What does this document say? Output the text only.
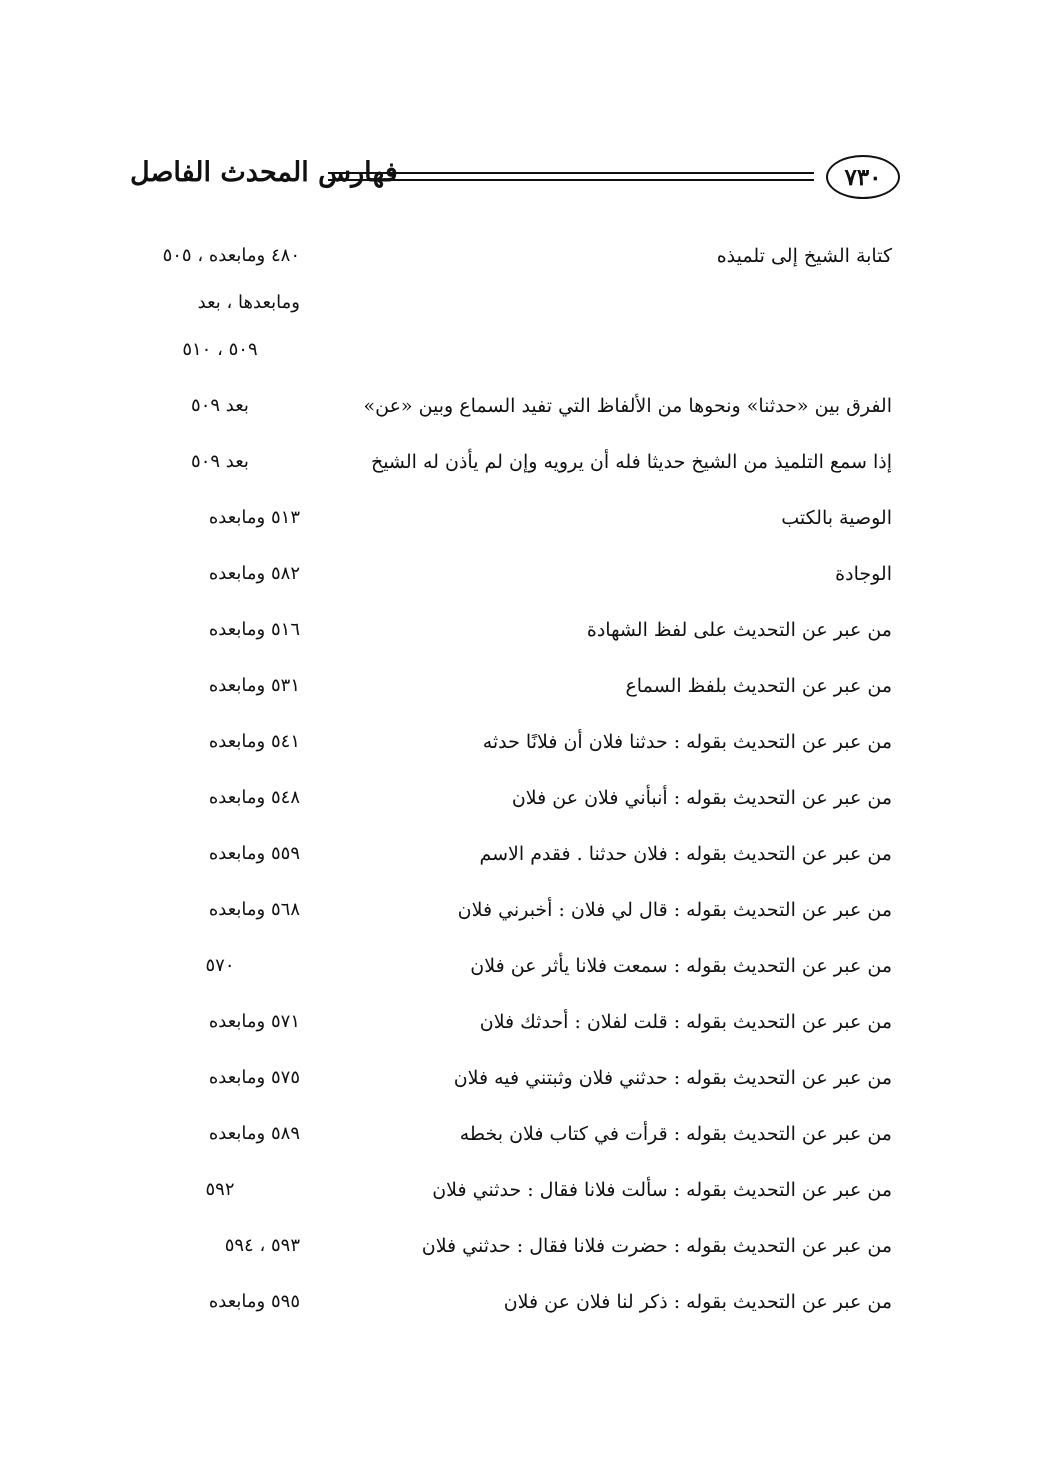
فهارس المحدث الفاصل	٧٣٠
كتابة الشيخ إلى تلميذه
٤٨٠ ومابعده ، ٥٠٥
ومابعدها ، بعد
٥٠٩ ، ٥١٠
الفرق بين «حدثنا» ونحوها من الألفاظ التي تفيد السماع وبين «عن»
بعد ٥٠٩
إذا سمع التلميذ من الشيخ حديثا فله أن يرويه وإن لم يأذن له الشيخ
بعد ٥٠٩
الوصية بالكتب
٥١٣ ومابعده
الوجادة
٥٨٢ ومابعده
من عبر عن التحديث على لفظ الشهادة
٥١٦ ومابعده
من عبر عن التحديث بلفظ السماع
٥٣١ ومابعده
من عبر عن التحديث بقوله : حدثنا فلان أن فلانًا حدثه
٥٤١ ومابعده
من عبر عن التحديث بقوله : أنبأني فلان عن فلان
٥٤٨ ومابعده
من عبر عن التحديث بقوله : فلان حدثنا . فقدم الاسم
٥٥٩ ومابعده
من عبر عن التحديث بقوله : قال لي فلان : أخبرني فلان
٥٦٨ ومابعده
من عبر عن التحديث بقوله : سمعت فلانا يأثر عن فلان
٥٧٠
من عبر عن التحديث بقوله : قلت لفلان : أحدثك فلان
٥٧١ ومابعده
من عبر عن التحديث بقوله : حدثني فلان وثبتني فيه فلان
٥٧٥ ومابعده
من عبر عن التحديث بقوله : قرأت في كتاب فلان بخطه
٥٨٩ ومابعده
من عبر عن التحديث بقوله : سألت فلانا فقال : حدثني فلان
٥٩٢
من عبر عن التحديث بقوله : حضرت فلانا فقال : حدثني فلان
٥٩٣ ، ٥٩٤
من عبر عن التحديث بقوله : ذكر لنا فلان عن فلان
٥٩٥ ومابعده
